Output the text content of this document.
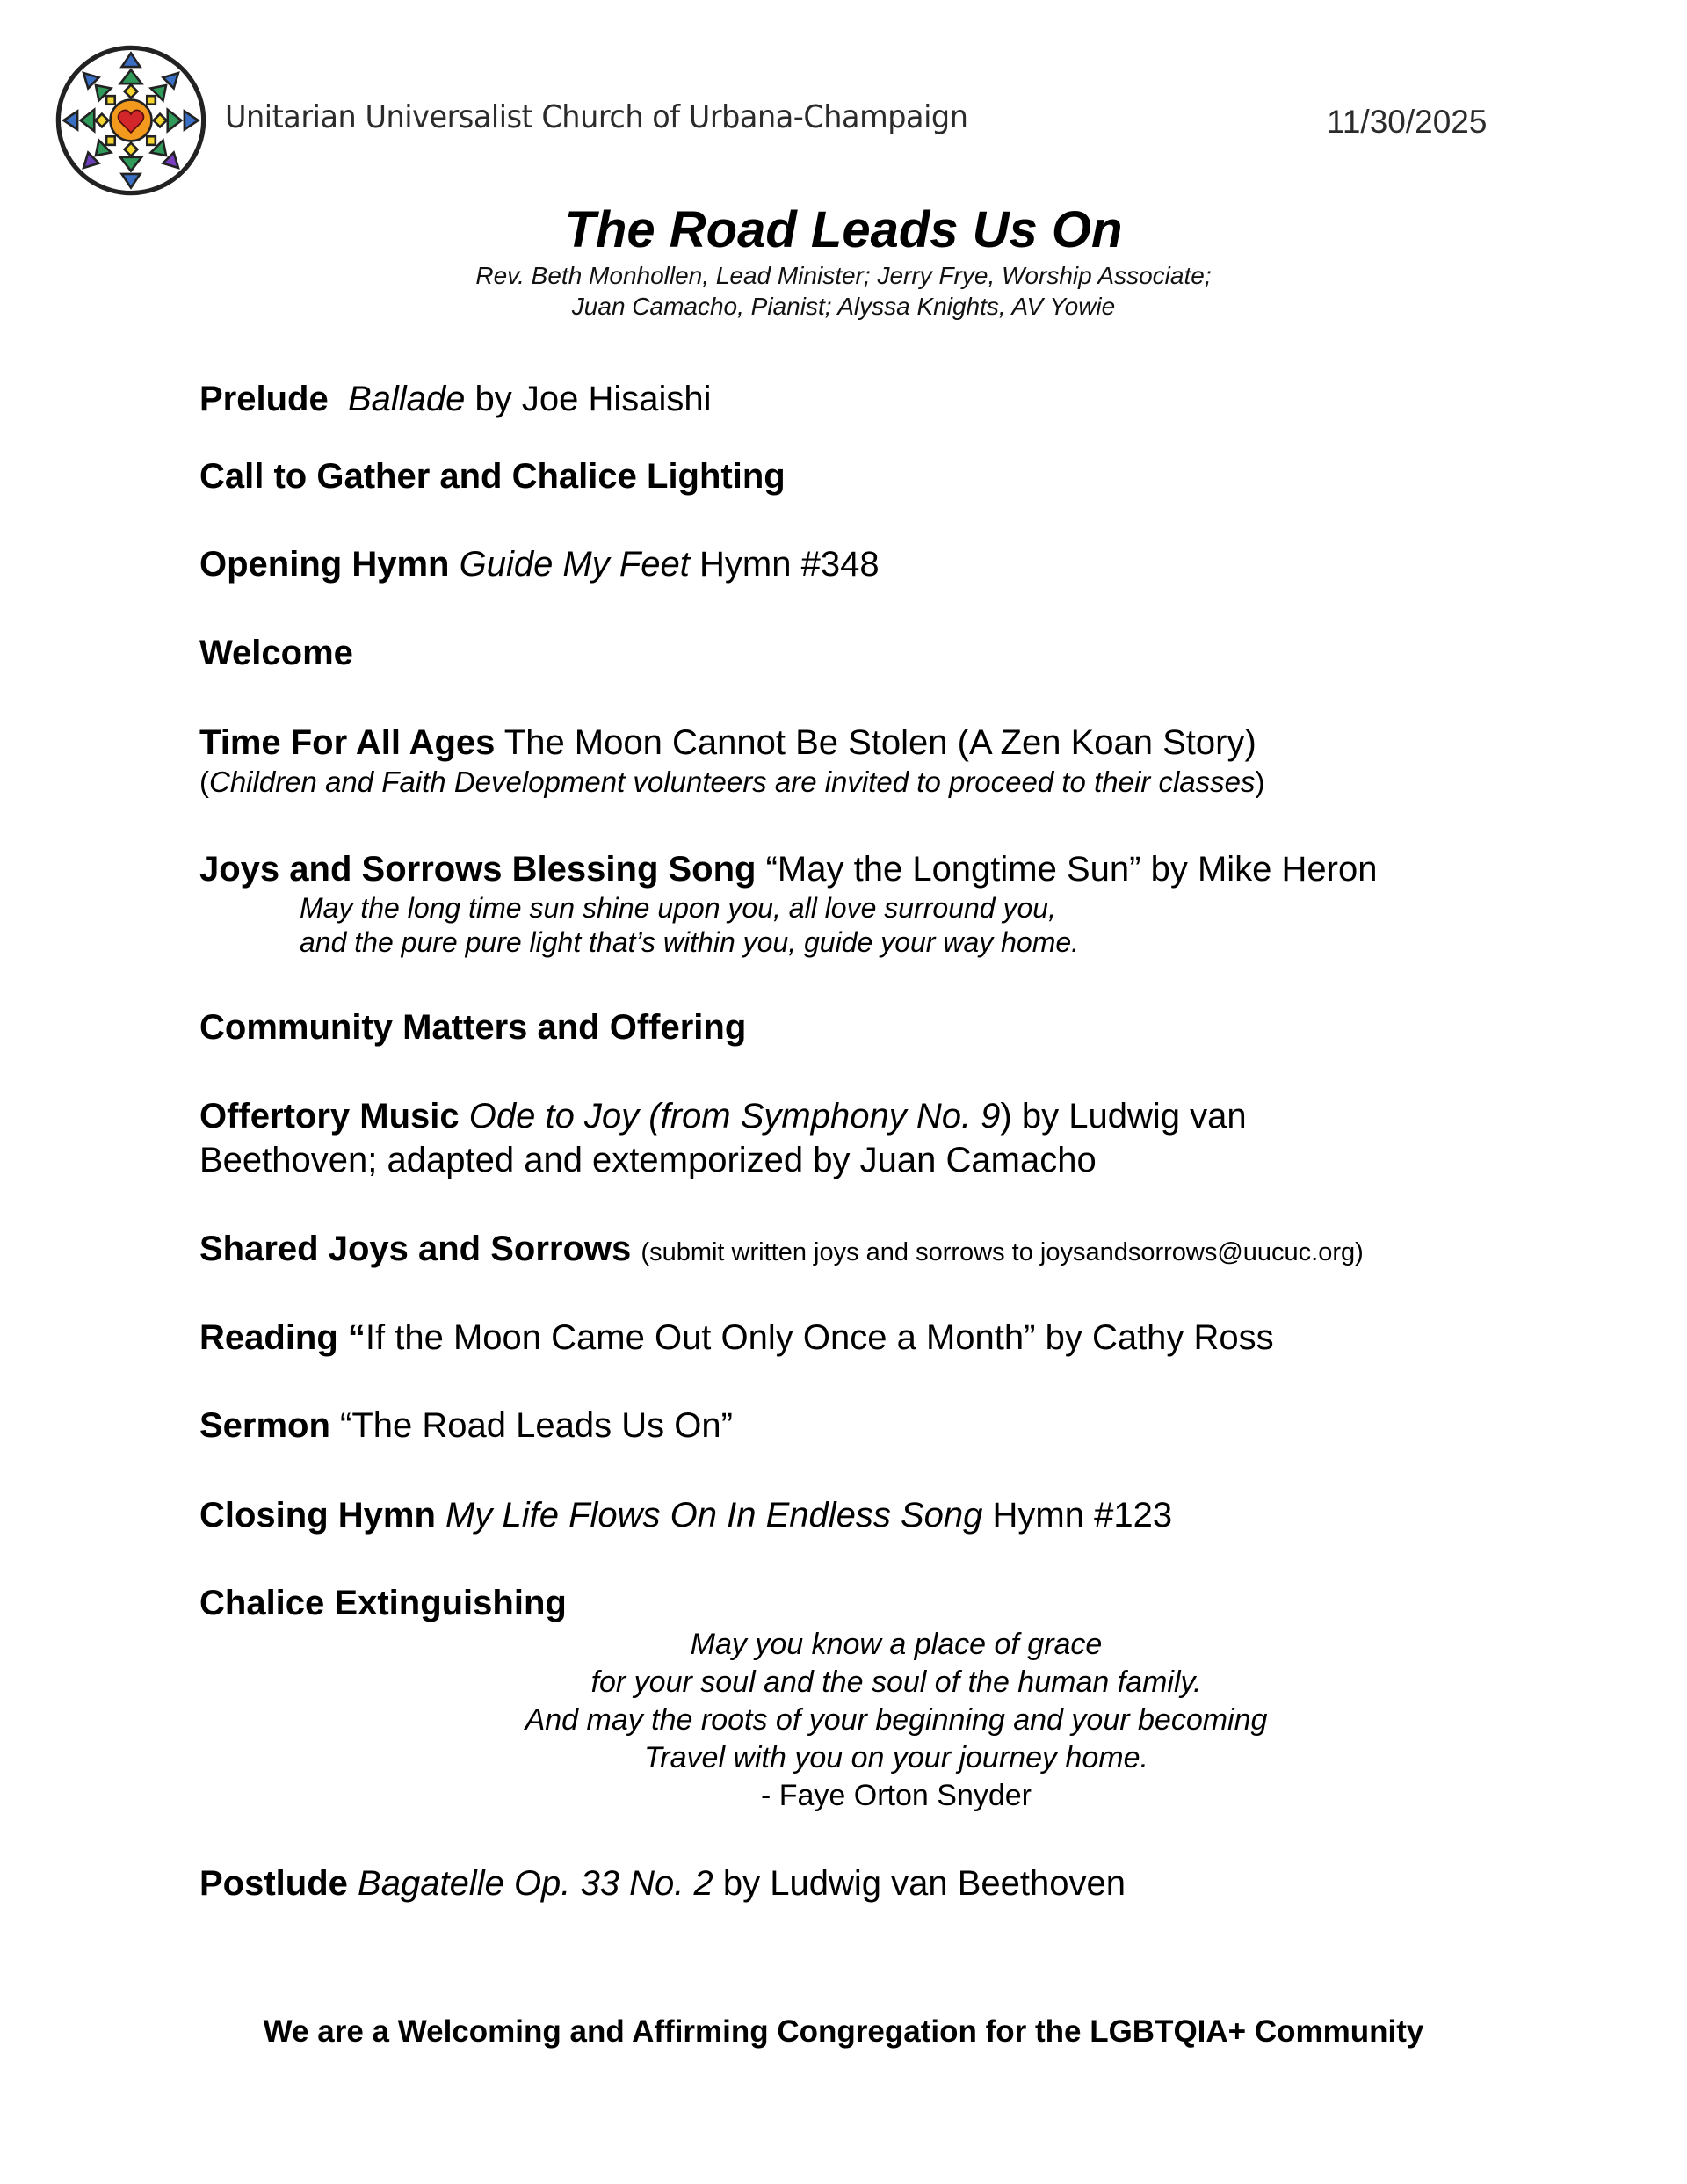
Unitarian Universalist Church of Urbana-Champaign	11/30/2025
The Road Leads Us On
Rev. Beth Monhollen, Lead Minister; Jerry Frye, Worship Associate;
Juan Camacho, Pianist; Alyssa Knights, AV Yowie
Prelude Ballade by Joe Hisaishi
Call to Gather and Chalice Lighting
Opening Hymn Guide My Feet Hymn #348
Welcome
Time For All Ages The Moon Cannot Be Stolen (A Zen Koan Story)
(Children and Faith Development volunteers are invited to proceed to their classes)
Joys and Sorrows Blessing Song “May the Longtime Sun” by Mike Heron
May the long time sun shine upon you, all love surround you,
and the pure pure light that’s within you, guide your way home.
Community Matters and Offering
Offertory Music Ode to Joy (from Symphony No. 9) by Ludwig van
Beethoven; adapted and extemporized by Juan Camacho
Shared Joys and Sorrows (submit written joys and sorrows to joysandsorrows@uucuc.org)
Reading “If the Moon Came Out Only Once a Month” by Cathy Ross
Sermon “The Road Leads Us On”
Closing Hymn My Life Flows On In Endless Song Hymn #123
Chalice Extinguishing
May you know a place of grace
for your soul and the soul of the human family.
And may the roots of your beginning and your becoming
Travel with you on your journey home.
- Faye Orton Snyder
Postlude Bagatelle Op. 33 No. 2 by Ludwig van Beethoven
We are a Welcoming and Affirming Congregation for the LGBTQIA+ Community
